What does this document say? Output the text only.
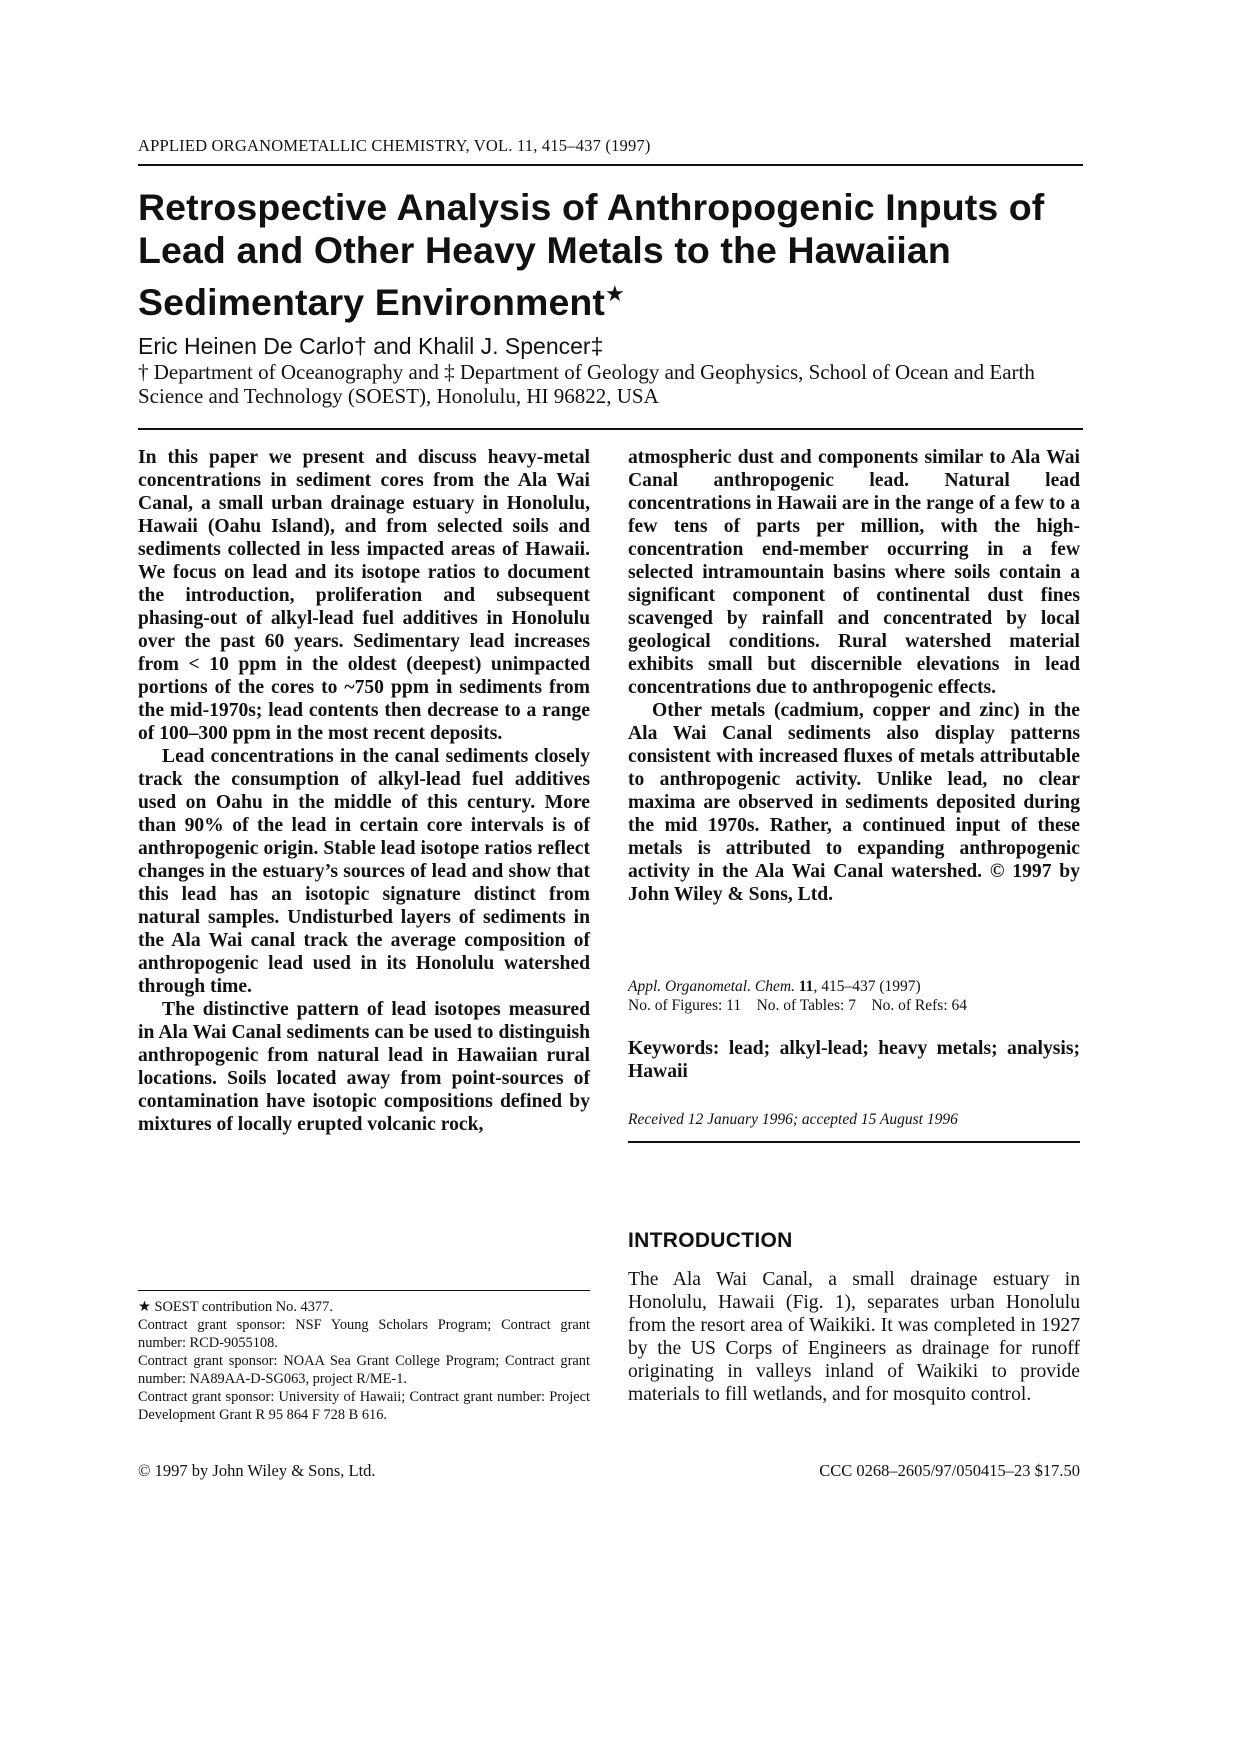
APPLIED ORGANOMETALLIC CHEMISTRY, VOL. 11, 415–437 (1997)
Retrospective Analysis of Anthropogenic Inputs of Lead and Other Heavy Metals to the Hawaiian Sedimentary Environment★
Eric Heinen De Carlo† and Khalil J. Spencer‡
† Department of Oceanography and ‡ Department of Geology and Geophysics, School of Ocean and Earth Science and Technology (SOEST), Honolulu, HI 96822, USA

In this paper we present and discuss heavy-metal concentrations in sediment cores from the Ala Wai Canal, a small urban drainage estuary in Honolulu, Hawaii (Oahu Island), and from selected soils and sediments collected in less impacted areas of Hawaii. We focus on lead and its isotope ratios to document the introduction, proliferation and subsequent phasing-out of alkyl-lead fuel additives in Honolulu over the past 60 years. Sedimentary lead increases from < 10 ppm in the oldest (deepest) unimpacted portions of the cores to ~750 ppm in sediments from the mid-1970s; lead contents then decrease to a range of 100–300 ppm in the most recent deposits.

Lead concentrations in the canal sediments closely track the consumption of alkyl-lead fuel additives used on Oahu in the middle of this century. More than 90% of the lead in certain core intervals is of anthropogenic origin. Stable lead isotope ratios reflect changes in the estuary’s sources of lead and show that this lead has an isotopic signature distinct from natural samples. Undisturbed layers of sediments in the Ala Wai canal track the average composition of anthropogenic lead used in its Honolulu watershed through time.

The distinctive pattern of lead isotopes measured in Ala Wai Canal sediments can be used to distinguish anthropogenic from natural lead in Hawaiian rural locations. Soils located away from point-sources of contamination have isotopic compositions defined by mixtures of locally erupted volcanic rock,

atmospheric dust and components similar to Ala Wai Canal anthropogenic lead. Natural lead concentrations in Hawaii are in the range of a few to a few tens of parts per million, with the high-concentration end-member occurring in a few selected intramountain basins where soils contain a significant component of continental dust fines scavenged by rainfall and concentrated by local geological conditions. Rural watershed material exhibits small but discernible elevations in lead concentrations due to anthropogenic effects.

Other metals (cadmium, copper and zinc) in the Ala Wai Canal sediments also display patterns consistent with increased fluxes of metals attributable to anthropogenic activity. Unlike lead, no clear maxima are observed in sediments deposited during the mid 1970s. Rather, a continued input of these metals is attributed to expanding anthropogenic activity in the Ala Wai Canal watershed. © 1997 by John Wiley & Sons, Ltd.

Appl. Organometal. Chem. 11, 415–437 (1997)

No. of Figures: 11    No. of Tables: 7    No. of Refs: 64

Keywords: lead; alkyl-lead; heavy metals; analysis; Hawaii
Received 12 January 1996; accepted 15 August 1996
INTRODUCTION
The Ala Wai Canal, a small drainage estuary in Honolulu, Hawaii (Fig. 1), separates urban Honolulu from the resort area of Waikiki. It was completed in 1927 by the US Corps of Engineers as drainage for runoff originating in valleys inland of Waikiki to provide materials to fill wetlands, and for mosquito control.

★ SOEST contribution No. 4377.

Contract grant sponsor: NSF Young Scholars Program; Contract grant number: RCD-9055108.

Contract grant sponsor: NOAA Sea Grant College Program; Contract grant number: NA89AA-D-SG063, project R/ME-1.

Contract grant sponsor: University of Hawaii; Contract grant number: Project Development Grant R 95 864 F 728 B 616.

© 1997 by John Wiley & Sons, Ltd.	CCC 0268–2605/97/050415–23 $17.50
